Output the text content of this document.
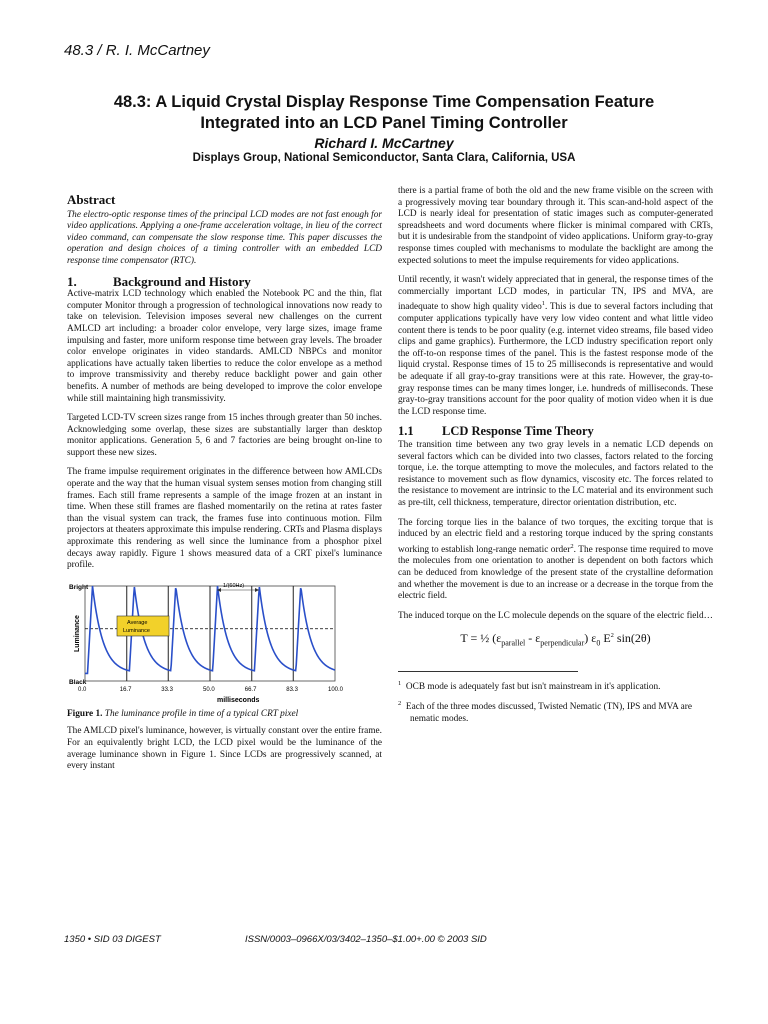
48.3 / R. I. McCartney
48.3: A Liquid Crystal Display Response Time Compensation Feature
Integrated into an LCD Panel Timing Controller
Richard I. McCartney
Displays Group, National Semiconductor, Santa Clara, California, USA
Abstract

The electro-optic response times of the principal LCD modes are not fast enough for video applications. Applying a one-frame acceleration voltage, in lieu of the correct video command, can compensate the slow response time. This paper discusses the operation and design choices of a timing controller with an embedded LCD response time compensator (RTC).

1.	Background and History

Active-matrix LCD technology which enabled the Notebook PC and the thin, flat computer Monitor through a progression of technological innovations now ready to take on television. Television imposes several new challenges on the current AMLCD art including: a broader color envelope, very large sizes, image frame impulsing and faster, more uniform response time between gray levels. The broader color envelope originates in video standards. AMLCD NBPCs and monitor applications have actually taken liberties to reduce the color envelope as a method to improve transmissivity and thereby reduce backlight power and gain other benefits. A number of methods are being developed to improve the color envelope while still maintaining high transmissivity.

Targeted LCD-TV screen sizes range from 15 inches through greater than 50 inches. Acknowledging some overlap, these sizes are substantially larger than desktop monitor applications. Generation 5, 6 and 7 factories are being brought on-line to support these new sizes.

The frame impulse requirement originates in the difference between how AMLCDs operate and the way that the human visual system senses motion from changing still frames. Each still frame represents a sample of the image frozen at an instant in time. When these still frames are flashed momentarily on the retina at rates faster than the visual system can track, the frames fuse into continuous motion. Film projectors at theaters approximate this impulse rendering. CRTs and Plasma displays approximate this rendering as well since the luminance from a phosphor pixel decays away rapidly. Figure 1 shows measured data of a CRT pixel's luminance profile.

0.0	16.7	33.3	50.0	66.7	83.3	100.0
Bright
Black
Luminance
milliseconds
1/(60Hz)
Average
Luminance
Figure 1. The luminance profile in time of a typical CRT pixel

The AMLCD pixel's luminance, however, is virtually constant over the entire frame. For an equivalently bright LCD, the LCD pixel would be the luminance of the average luminance shown in Figure 1. Since LCDs are progressively scanned, at every instant

there is a partial frame of both the old and the new frame visible on the screen with a progressively moving tear boundary through it. This scan-and-hold aspect of the LCD is nearly ideal for presentation of static images such as computer-generated spreadsheets and word documents where flicker is minimal compared with CRTs, but it is undesirable from the standpoint of video applications. Uniform gray-to-gray response times coupled with mechanisms to modulate the backlight are among the expected solutions to meet the impulse requirements for video applications.

Until recently, it wasn't widely appreciated that in general, the response times of the commercially important LCD modes, in particular TN, IPS and MVA, are inadequate to show high quality video$^1$. This is due to several factors including that computer applications typically have very low video content and what little video content there is tends to be poor quality (e.g. internet video streams, file based video clips and game graphics). Furthermore, the LCD industry specification report only the off-to-on response times of the panel. This is the fastest response mode of the liquid crystal. Response times of 15 to 25 milliseconds is representative and would be adequate if all gray-to-gray transitions were at this rate. However, the gray-to-gray response times can be many times longer, i.e. hundreds of milliseconds. These gray-to-gray transitions account for the poor quality of motion video when it is due the LCD response time.

1.1 LCD Response Time Theory

The transition time between any two gray levels in a nematic LCD depends on several factors which can be divided into two classes, factors related to the forcing torque, i.e. the torque attempting to move the molecules, and factors related to the resistance to movement such as flow dynamics, viscosity etc. The forces related to the resistance to movement are intrinsic to the LC material and its environment such as pre-tilt, cell thickness, temperature, director orientation distribution, etc.

The forcing torque lies in the balance of two torques, the exciting torque that is induced by an electric field and a restoring torque induced by the spring constants working to establish long-range nematic order$^2$. The response time required to move the molecules from one orientation to another is dependent on both factors which can be deduced from knowledge of the present state of the crystalline deformation and whether the movement is due to an increase or a decrease in the torque from the electric field.

The induced torque on the LC molecule depends on the square of the electric field…

T = ½ $(\varepsilon_{parallel} - \varepsilon_{perpendicular})$ $\varepsilon_0$ $E^2$ sin(2θ)
$^1$ OCB mode is adequately fast but isn't mainstream in it's application.
$^2$ Each of the three modes discussed, Twisted Nematic (TN), IPS and MVA are nematic modes.
1350 • SID 03 DIGEST	ISSN/0003–0966X/03/3402–1350–$1.00+.00 © 2003 SID
